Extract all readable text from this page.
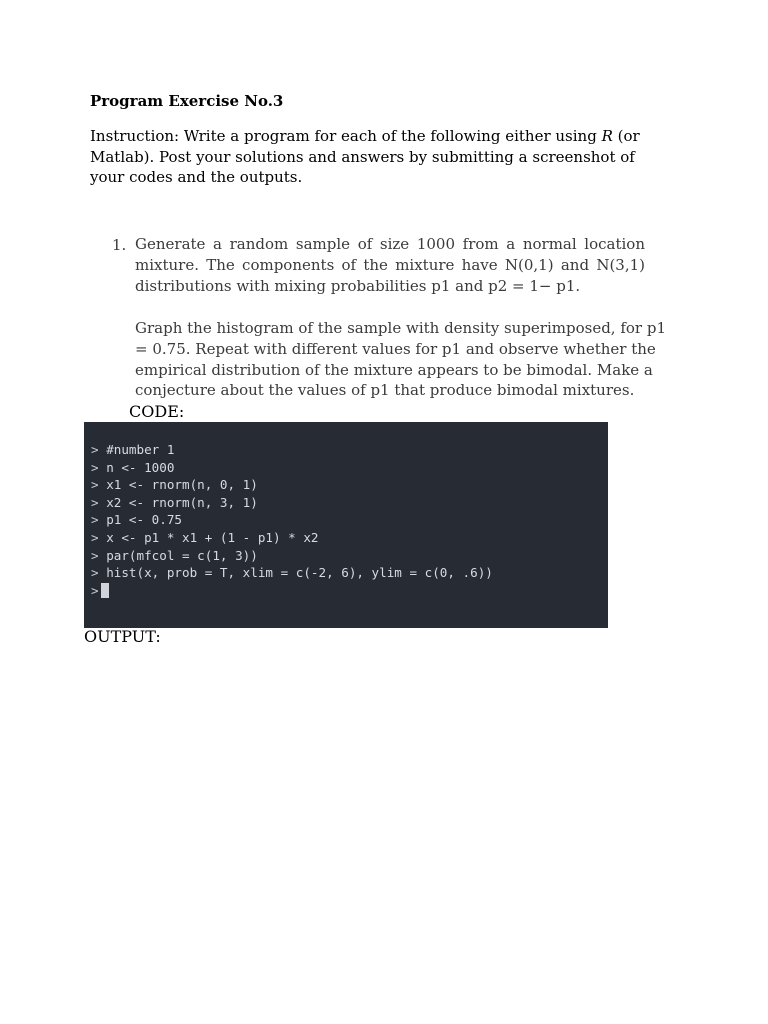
Program Exercise No.3
Instruction: Write a program for each of the following either using R (or
Matlab). Post your solutions and answers by submitting a screenshot of
your codes and the outputs.
1. Generate a random sample of size 1000 from a normal location
mixture. The components of the mixture have N(0,1) and N(3,1)
distributions with mixing probabilities p1 and p2 = 1− p1.
Graph the histogram of the sample with density superimposed, for p1
= 0.75. Repeat with different values for p1 and observe whether the
empirical distribution of the mixture appears to be bimodal. Make a
conjecture about the values of p1 that produce bimodal mixtures.
CODE:
> #number 1
> n <- 1000
> x1 <- rnorm(n, 0, 1)
> x2 <- rnorm(n, 3, 1)
> p1 <- 0.75
> x <- p1 * x1 + (1 - p1) * x2
> par(mfcol = c(1, 3))
> hist(x, prob = T, xlim = c(-2, 6), ylim = c(0, .6))
>
OUTPUT:
